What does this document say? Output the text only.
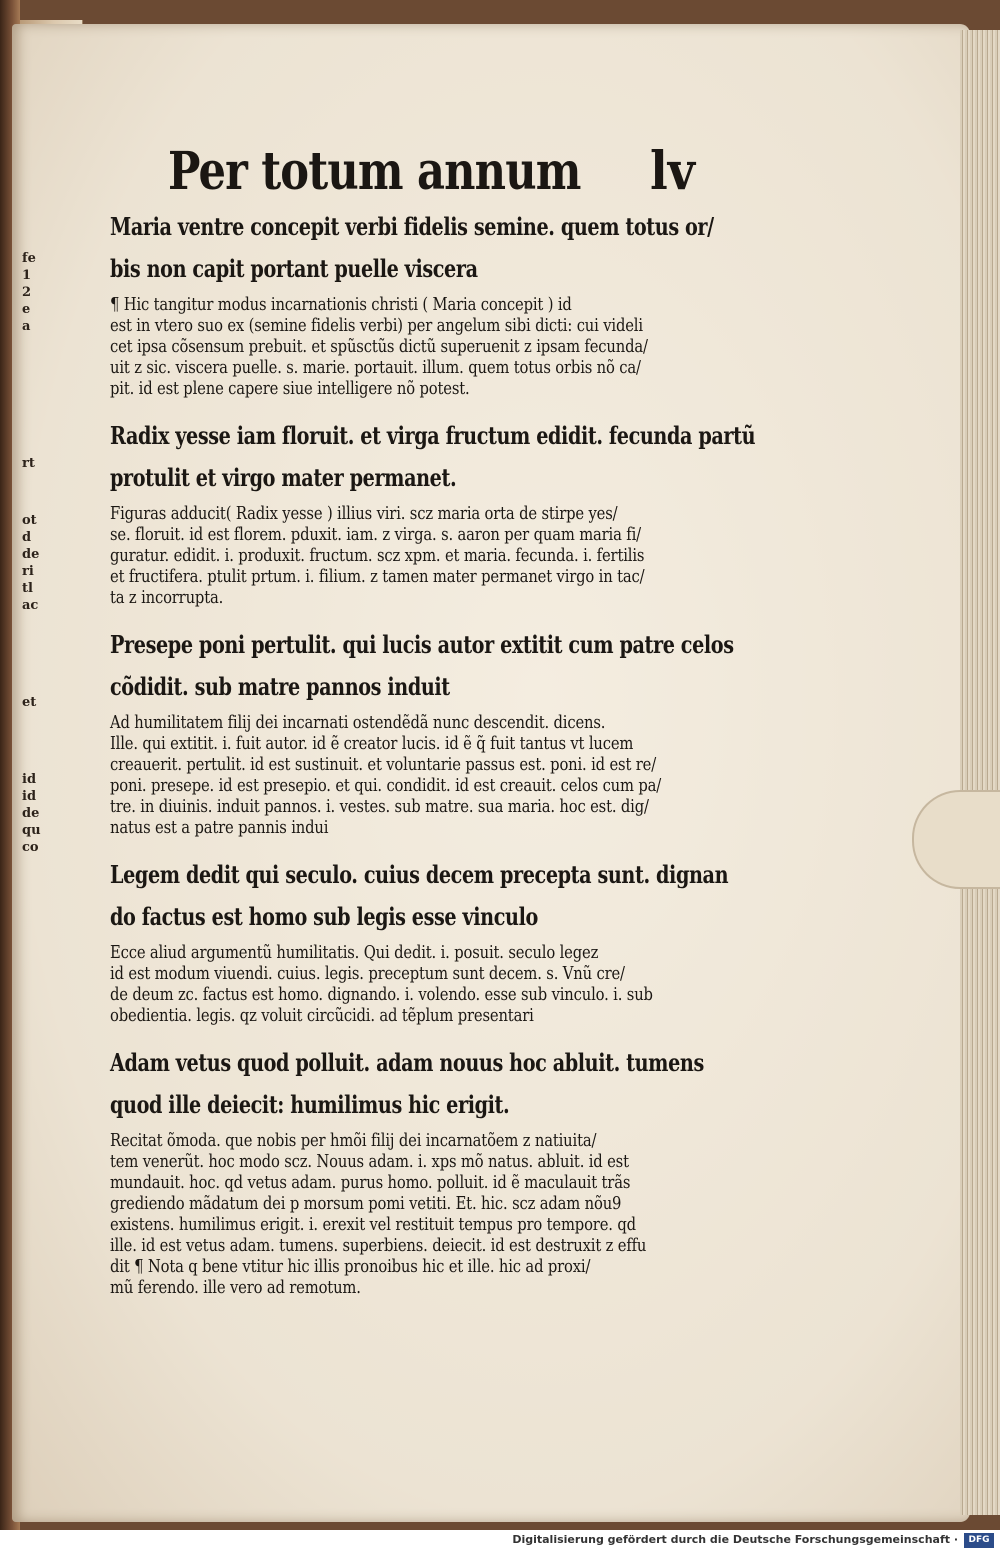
fe
1
2
e
a
rt
ot
d
de
ri
tl
ac
et
id
id
de
qu
co
Per totum annum lv
Maria ventre concepit verbi fidelis semine. quem totus or/
bis non capit portant puelle viscera
¶ Hic tangitur modus incarnationis christi ( Maria concepit ) id
est in vtero suo ex (semine fidelis verbi) per angelum sibi dicti: cui videli
cet ipsa cõsensum prebuit. et spũsctũs dictũ superuenit z ipsam fecunda/
uit z sic. viscera puelle. s. marie. portauit. illum. quem totus orbis nõ ca/
pit. id est plene capere siue intelligere nõ potest.
Radix yesse iam floruit. et virga fructum edidit. fecunda partũ
protulit et virgo mater permanet.
Figuras adducit( Radix yesse ) illius viri. scz maria orta de stirpe yes/
se. floruit. id est florem. pduxit. iam. z virga. s. aaron per quam maria fi/
guratur. edidit. i. produxit. fructum. scz xpm. et maria. fecunda. i. fertilis
et fructifera. ptulit prtum. i. filium. z tamen mater permanet virgo in tac/
ta z incorrupta.
Presepe poni pertulit. qui lucis autor extitit cum patre celos
cõdidit. sub matre pannos induit
Ad humilitatem filij dei incarnati ostendẽdã nunc descendit. dicens.
Ille. qui extitit. i. fuit autor. id ẽ creator lucis. id ẽ q̃ fuit tantus vt lucem
creauerit. pertulit. id est sustinuit. et voluntarie passus est. poni. id est re/
poni. presepe. id est presepio. et qui. condidit. id est creauit. celos cum pa/
tre. in diuinis. induit pannos. i. vestes. sub matre. sua maria. hoc est. dig/
natus est a patre pannis indui
Legem dedit qui seculo. cuius decem precepta sunt. dignan
do factus est homo sub legis esse vinculo
Ecce aliud argumentũ humilitatis. Qui dedit. i. posuit. seculo legez
id est modum viuendi. cuius. legis. preceptum sunt decem. s. Vnũ cre/
de deum zc. factus est homo. dignando. i. volendo. esse sub vinculo. i. sub
obedientia. legis. qz voluit circũcidi. ad tẽplum presentari
Adam vetus quod polluit. adam nouus hoc abluit. tumens
quod ille deiecit: humilimus hic erigit.
Recitat õmoda. que nobis per hmõi filij dei incarnatõem z natiuita/
tem venerũt. hoc modo scz. Nouus adam. i. xps mõ natus. abluit. id est
mundauit. hoc. qd vetus adam. purus homo. polluit. id ẽ maculauit trãs
grediendo mãdatum dei p morsum pomi vetiti. Et. hic. scz adam nõu9
existens. humilimus erigit. i. erexit vel restituit tempus pro tempore. qd
ille. id est vetus adam. tumens. superbiens. deiecit. id est destruxit z effu
dit ¶ Nota q bene vtitur hic illis pronoibus hic et ille. hic ad proxi/
mũ ferendo. ille vero ad remotum.
Digitalisierung gefördert durch die Deutsche Forschungsgemeinschaft ·	DFG
